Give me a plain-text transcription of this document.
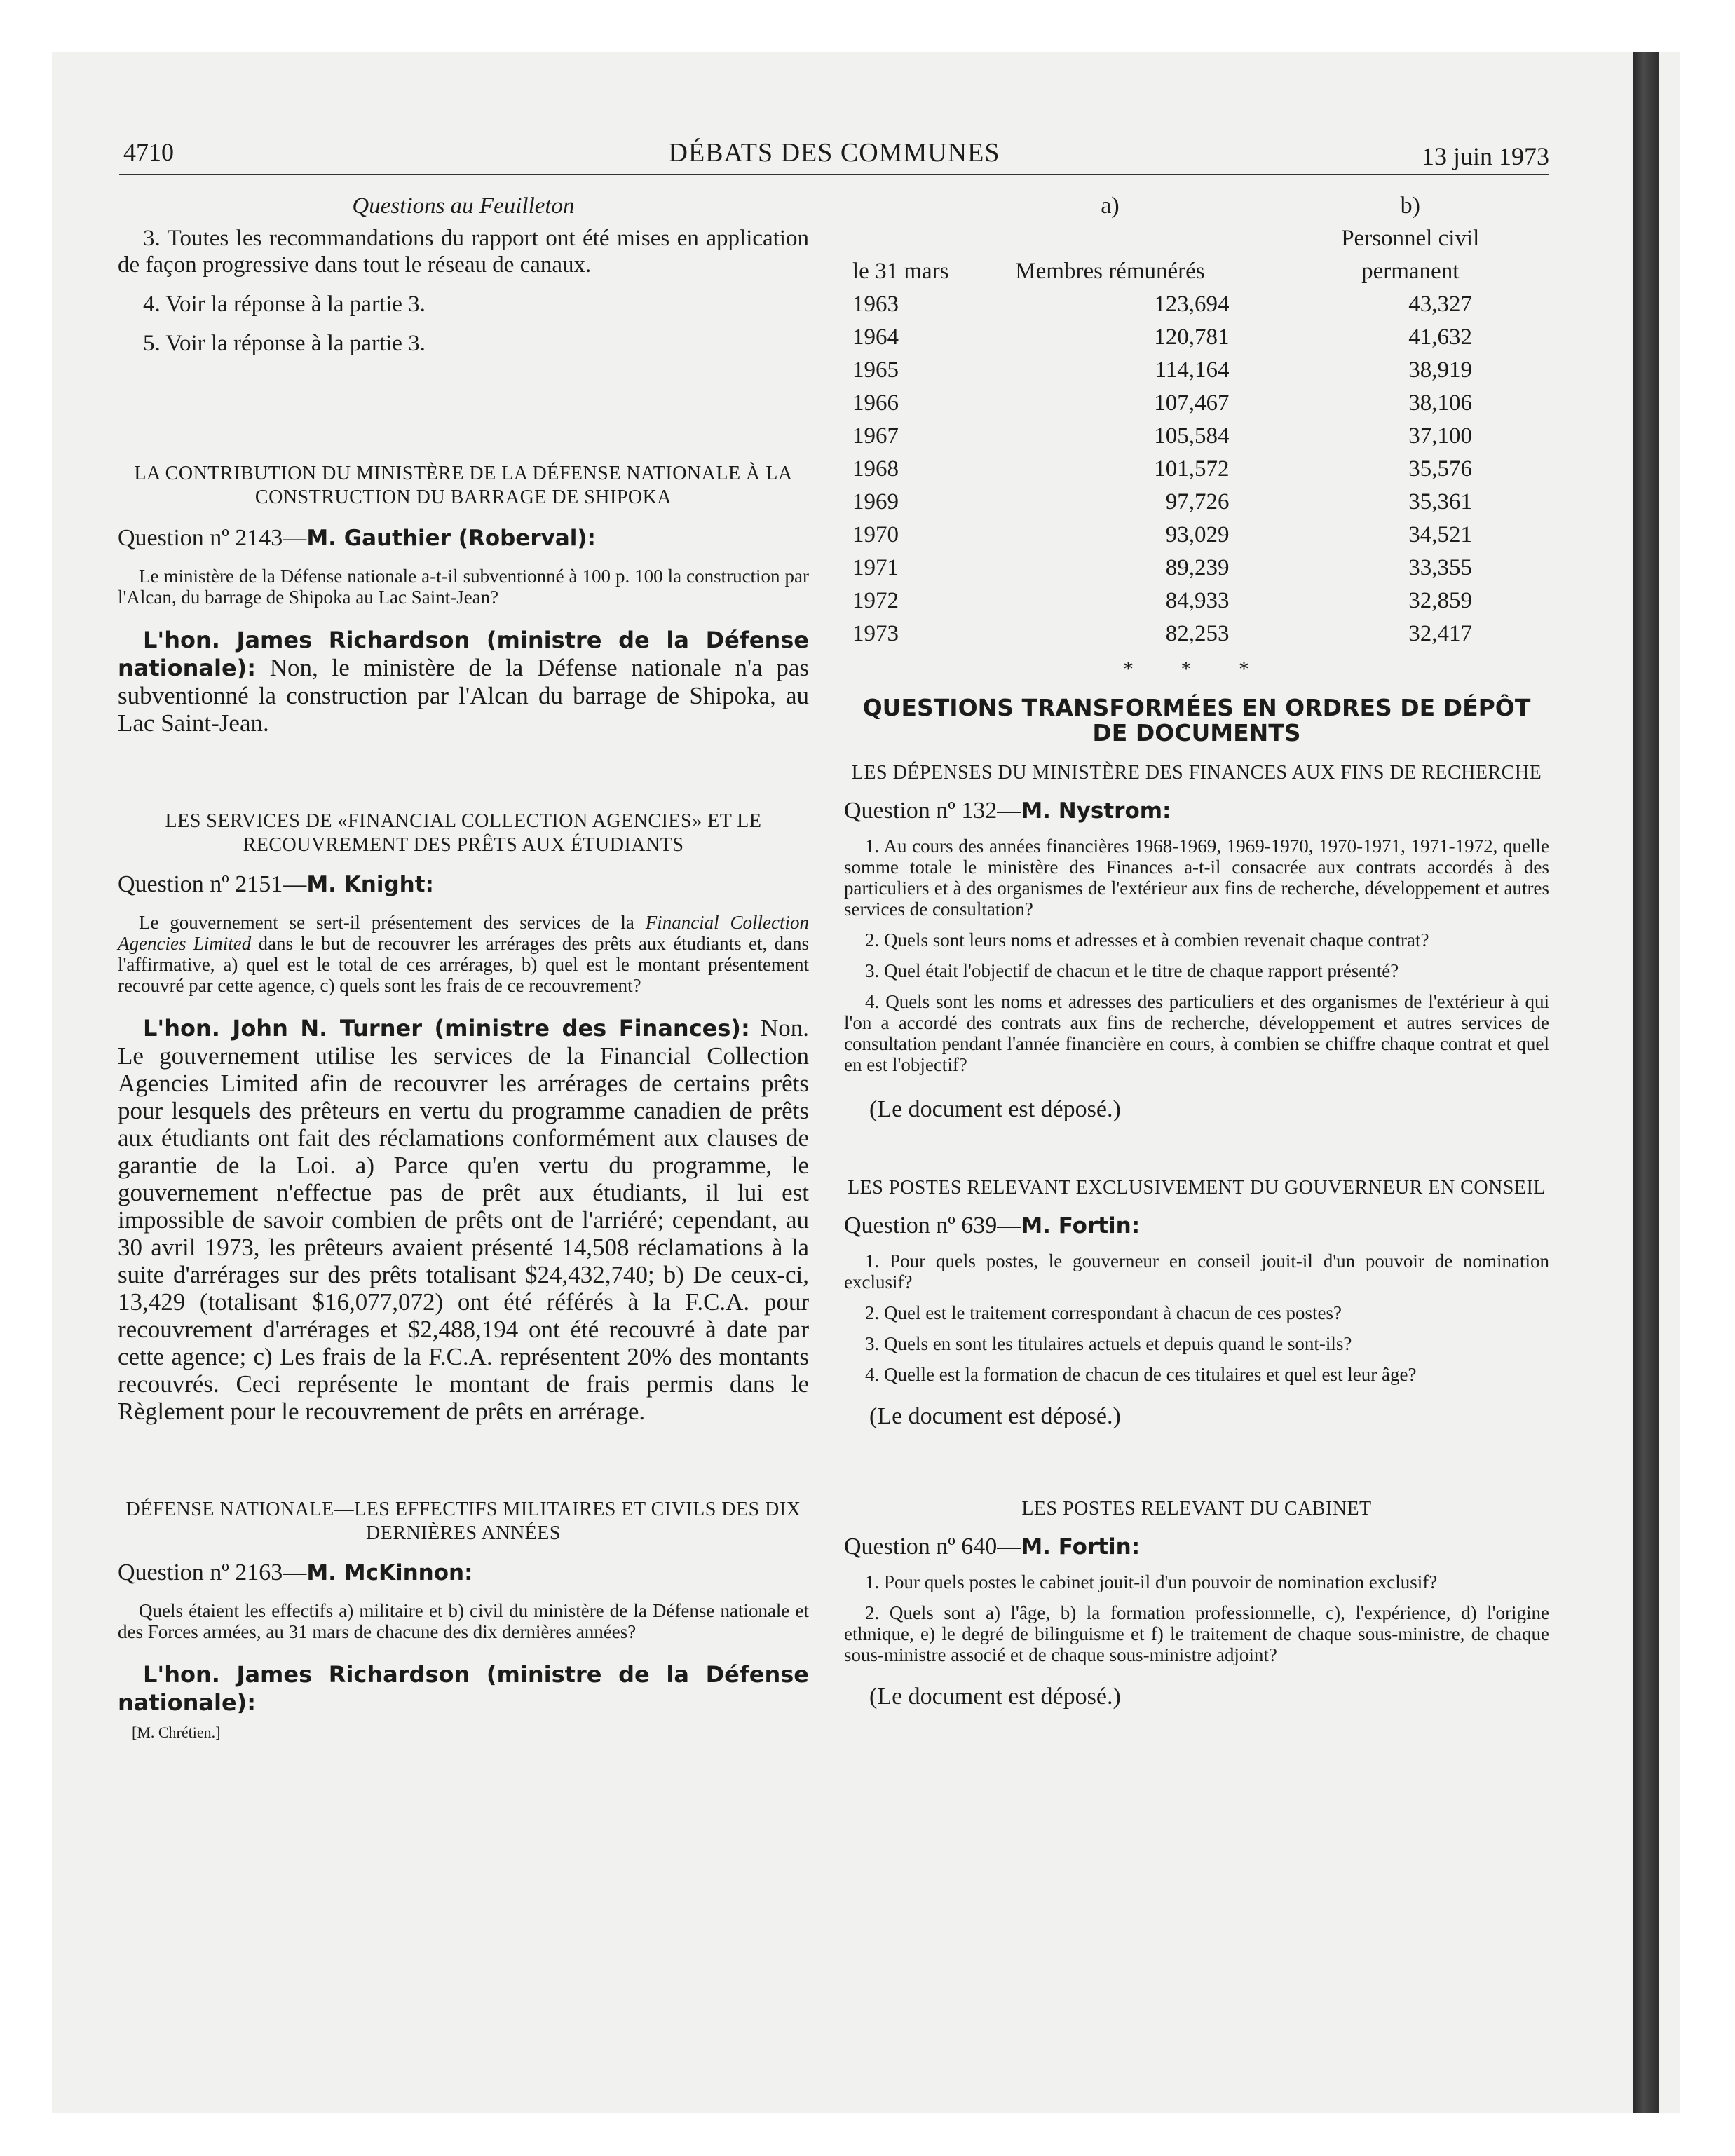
4710	DÉBATS DES COMMUNES	13 juin 1973

Questions au Feuilleton

3. Toutes les recommandations du rapport ont été mises en application de façon progressive dans tout le réseau de canaux.

4. Voir la réponse à la partie 3.

5. Voir la réponse à la partie 3.

LA CONTRIBUTION DU MINISTÈRE DE LA DÉFENSE NATIONALE À LA CONSTRUCTION DU BARRAGE DE SHIPOKA

Question nº 2143—M. Gauthier (Roberval):

Le ministère de la Défense nationale a-t-il subventionné à 100 p. 100 la construction par l'Alcan, du barrage de Shipoka au Lac Saint-Jean?

L'hon. James Richardson (ministre de la Défense nationale): Non, le ministère de la Défense nationale n'a pas subventionné la construction par l'Alcan du barrage de Shipoka, au Lac Saint-Jean.

LES SERVICES DE «FINANCIAL COLLECTION AGENCIES» ET LE RECOUVREMENT DES PRÊTS AUX ÉTUDIANTS

Question nº 2151—M. Knight:

Le gouvernement se sert-il présentement des services de la Financial Collection Agencies Limited dans le but de recouvrer les arrérages des prêts aux étudiants et, dans l'affirmative, a) quel est le total de ces arrérages, b) quel est le montant présentement recouvré par cette agence, c) quels sont les frais de ce recouvrement?

L'hon. John N. Turner (ministre des Finances): Non. Le gouvernement utilise les services de la Financial Collection Agencies Limited afin de recouvrer les arrérages de certains prêts pour lesquels des prêteurs en vertu du programme canadien de prêts aux étudiants ont fait des réclamations conformément aux clauses de garantie de la Loi. a) Parce qu'en vertu du programme, le gouvernement n'effectue pas de prêt aux étudiants, il lui est impossible de savoir combien de prêts ont de l'arriéré; cependant, au 30 avril 1973, les prêteurs avaient présenté 14,508 réclamations à la suite d'arrérages sur des prêts totalisant $24,432,740; b) De ceux-ci, 13,429 (totalisant $16,077,072) ont été référés à la F.C.A. pour recouvrement d'arrérages et $2,488,194 ont été recouvré à date par cette agence; c) Les frais de la F.C.A. représentent 20% des montants recouvrés. Ceci représente le montant de frais permis dans le Règlement pour le recouvrement de prêts en arrérage.

DÉFENSE NATIONALE—LES EFFECTIFS MILITAIRES ET CIVILS DES DIX DERNIÈRES ANNÉES

Question nº 2163—M. McKinnon:

Quels étaient les effectifs a) militaire et b) civil du ministère de la Défense nationale et des Forces armées, au 31 mars de chacune des dix dernières années?

L'hon. James Richardson (ministre de la Défense nationale):

[M. Chrétien.]

	a)	b)
		Personnel civil
le 31 mars	Membres rémunérés	permanent
1963	123,694	43,327
1964	120,781	41,632
1965	114,164	38,919
1966	107,467	38,106
1967	105,584	37,100
1968	101,572	35,576
1969	97,726	35,361
1970	93,029	34,521
1971	89,239	33,355
1972	84,933	32,859
1973	82,253	32,417

* * *

QUESTIONS TRANSFORMÉES EN ORDRES DE DÉPÔT DE DOCUMENTS

LES DÉPENSES DU MINISTÈRE DES FINANCES AUX FINS DE RECHERCHE

Question nº 132—M. Nystrom:

1. Au cours des années financières 1968-1969, 1969-1970, 1970-1971, 1971-1972, quelle somme totale le ministère des Finances a-t-il consacrée aux contrats accordés à des particuliers et à des organismes de l'extérieur aux fins de recherche, développement et autres services de consultation?

2. Quels sont leurs noms et adresses et à combien revenait chaque contrat?

3. Quel était l'objectif de chacun et le titre de chaque rapport présenté?

4. Quels sont les noms et adresses des particuliers et des organismes de l'extérieur à qui l'on a accordé des contrats aux fins de recherche, développement et autres services de consultation pendant l'année financière en cours, à combien se chiffre chaque contrat et quel en est l'objectif?

(Le document est déposé.)

LES POSTES RELEVANT EXCLUSIVEMENT DU GOUVERNEUR EN CONSEIL

Question nº 639—M. Fortin:

1. Pour quels postes, le gouverneur en conseil jouit-il d'un pouvoir de nomination exclusif?

2. Quel est le traitement correspondant à chacun de ces postes?

3. Quels en sont les titulaires actuels et depuis quand le sont-ils?

4. Quelle est la formation de chacun de ces titulaires et quel est leur âge?

(Le document est déposé.)

LES POSTES RELEVANT DU CABINET

Question nº 640—M. Fortin:

1. Pour quels postes le cabinet jouit-il d'un pouvoir de nomination exclusif?

2. Quels sont a) l'âge, b) la formation professionnelle, c), l'expérience, d) l'origine ethnique, e) le degré de bilinguisme et f) le traitement de chaque sous-ministre, de chaque sous-ministre associé et de chaque sous-ministre adjoint?

(Le document est déposé.)
